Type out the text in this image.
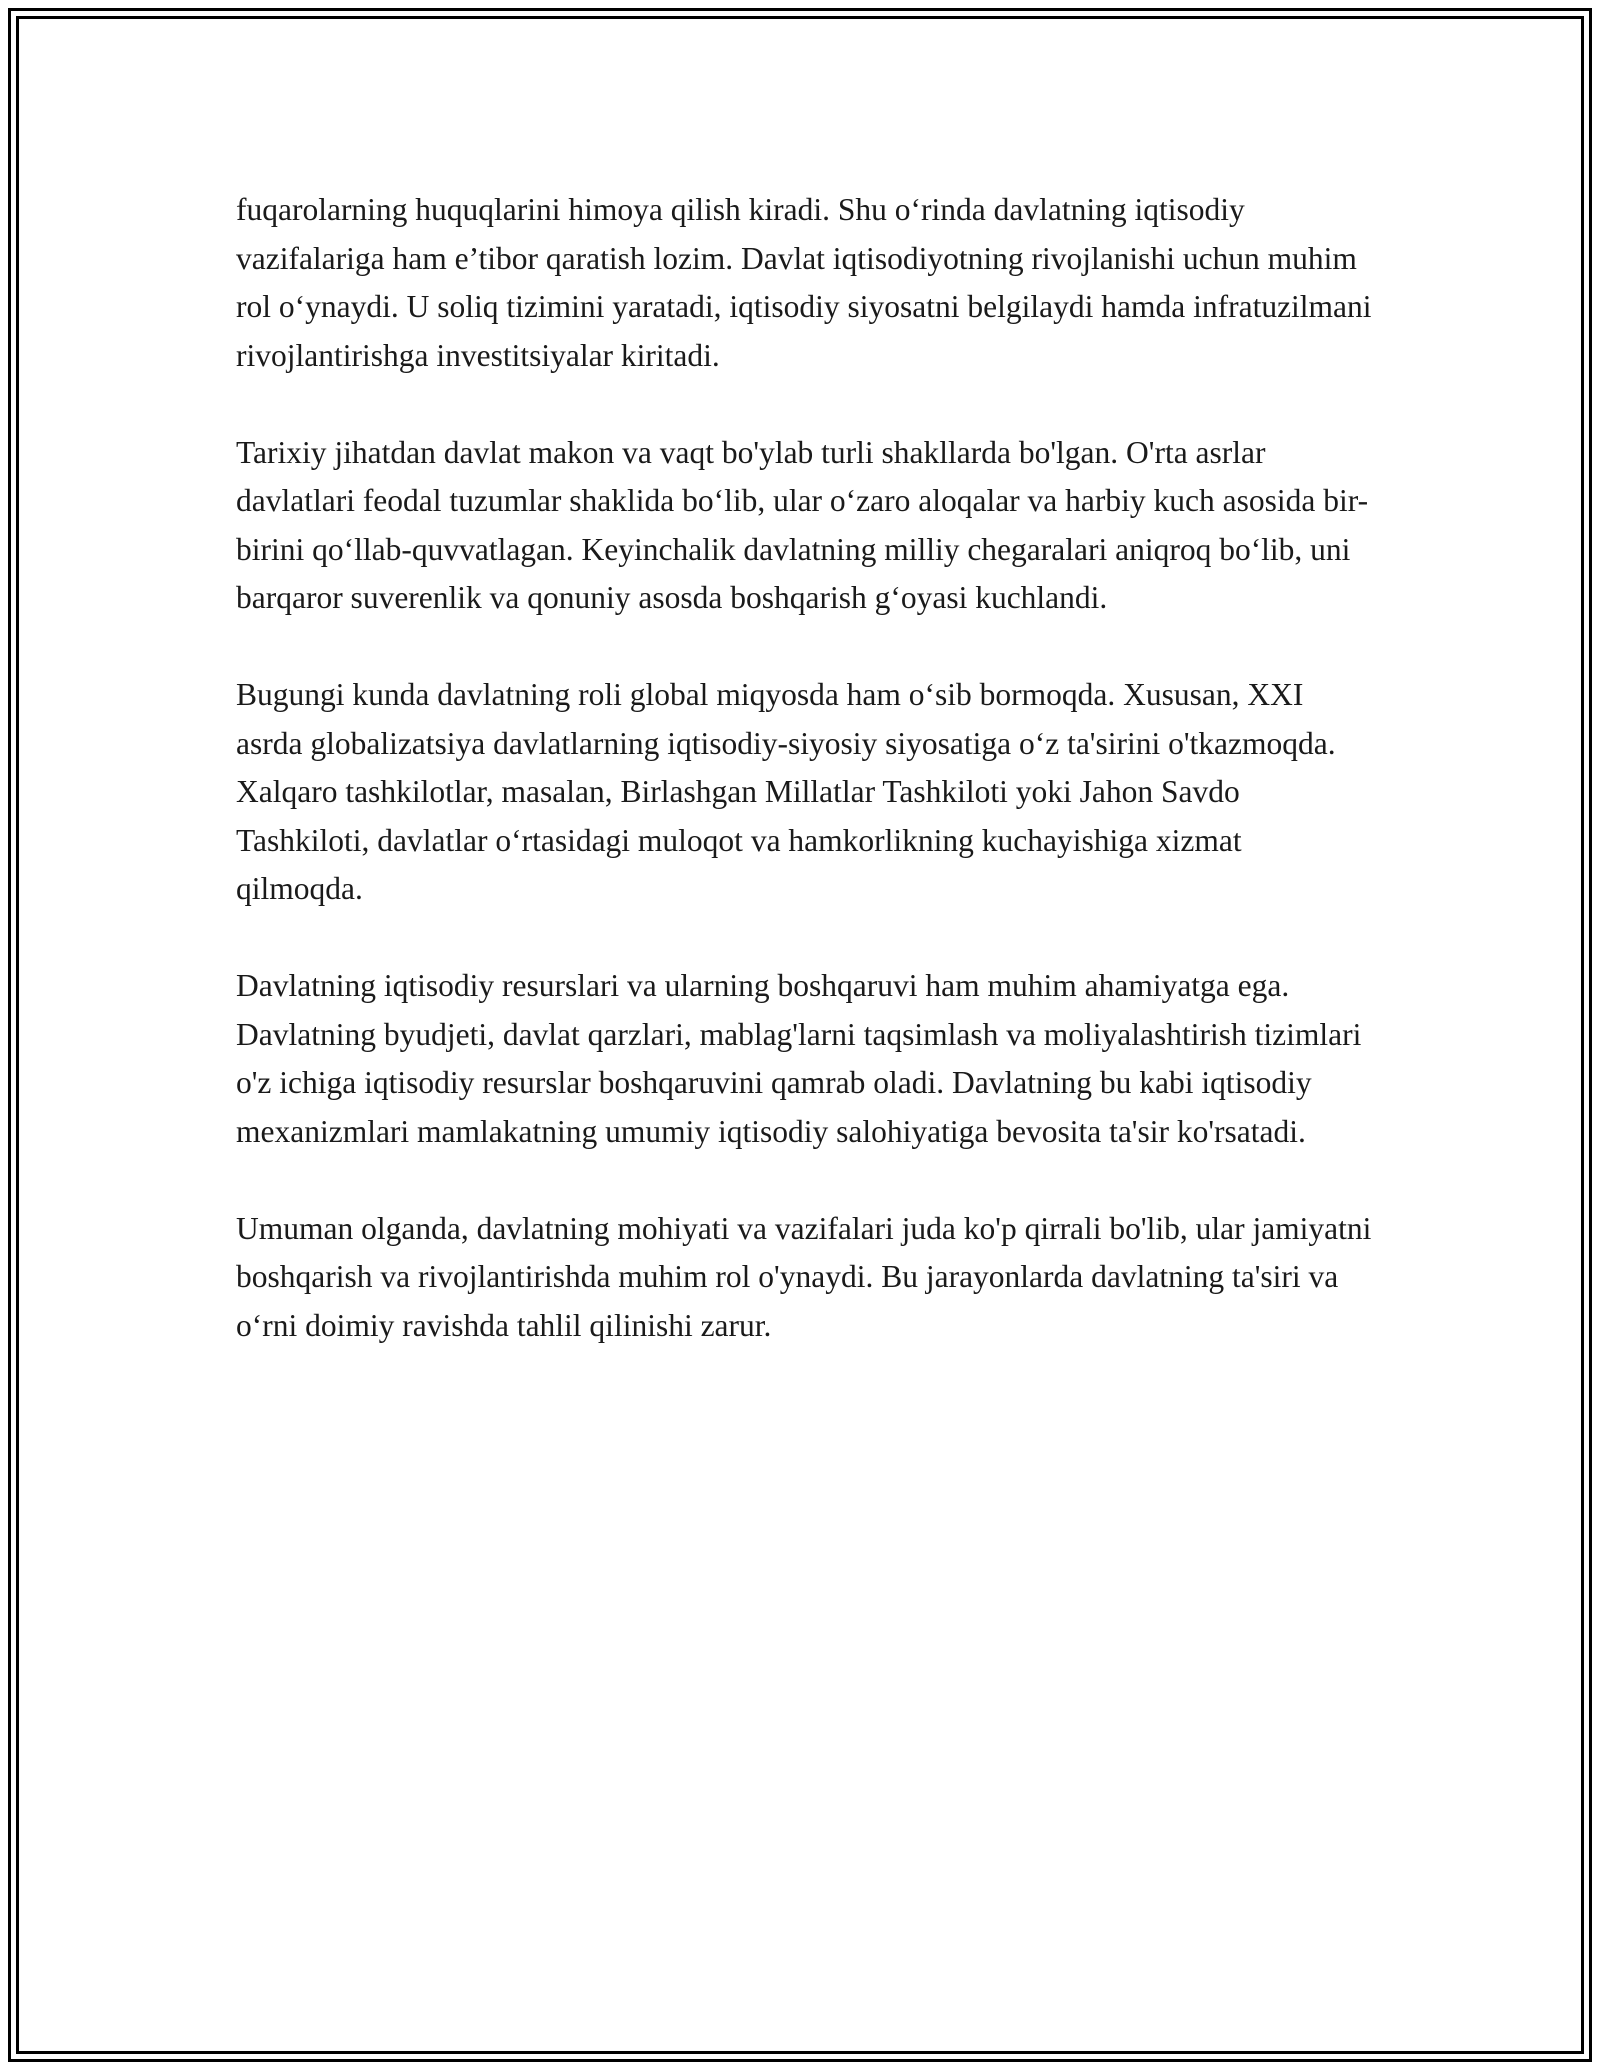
fuqarolarning huquqlarini himoya qilish kiradi. Shu o‘rinda davlatning iqtisodiy vazifalariga ham e’tibor qaratish lozim. Davlat iqtisodiyotning rivojlanishi uchun muhim rol o‘ynaydi. U soliq tizimini yaratadi, iqtisodiy siyosatni belgilaydi hamda infratuzilmani rivojlantirishga investitsiyalar kiritadi.

Tarixiy jihatdan davlat makon va vaqt bo'ylab turli shakllarda bo'lgan. O'rta asrlar davlatlari feodal tuzumlar shaklida bo‘lib, ular o‘zaro aloqalar va harbiy kuch asosida bir-birini qo‘llab-quvvatlagan. Keyinchalik davlatning milliy chegaralari aniqroq bo‘lib, uni barqaror suverenlik va qonuniy asosda boshqarish g‘oyasi kuchlandi.

Bugungi kunda davlatning roli global miqyosda ham o‘sib bormoqda. Xususan, XXI asrda globalizatsiya davlatlarning iqtisodiy-siyosiy siyosatiga o‘z ta'sirini o'tkazmoqda. Xalqaro tashkilotlar, masalan, Birlashgan Millatlar Tashkiloti yoki Jahon Savdo Tashkiloti, davlatlar o‘rtasidagi muloqot va hamkorlikning kuchayishiga xizmat qilmoqda.

Davlatning iqtisodiy resurslari va ularning boshqaruvi ham muhim ahamiyatga ega. Davlatning byudjeti, davlat qarzlari, mablag'larni taqsimlash va moliyalashtirish tizimlari o'z ichiga iqtisodiy resurslar boshqaruvini qamrab oladi. Davlatning bu kabi iqtisodiy mexanizmlari mamlakatning umumiy iqtisodiy salohiyatiga bevosita ta'sir ko'rsatadi.

Umuman olganda, davlatning mohiyati va vazifalari juda ko'p qirrali bo'lib, ular jamiyatni boshqarish va rivojlantirishda muhim rol o'ynaydi. Bu jarayonlarda davlatning ta'siri va o‘rni doimiy ravishda tahlil qilinishi zarur.
